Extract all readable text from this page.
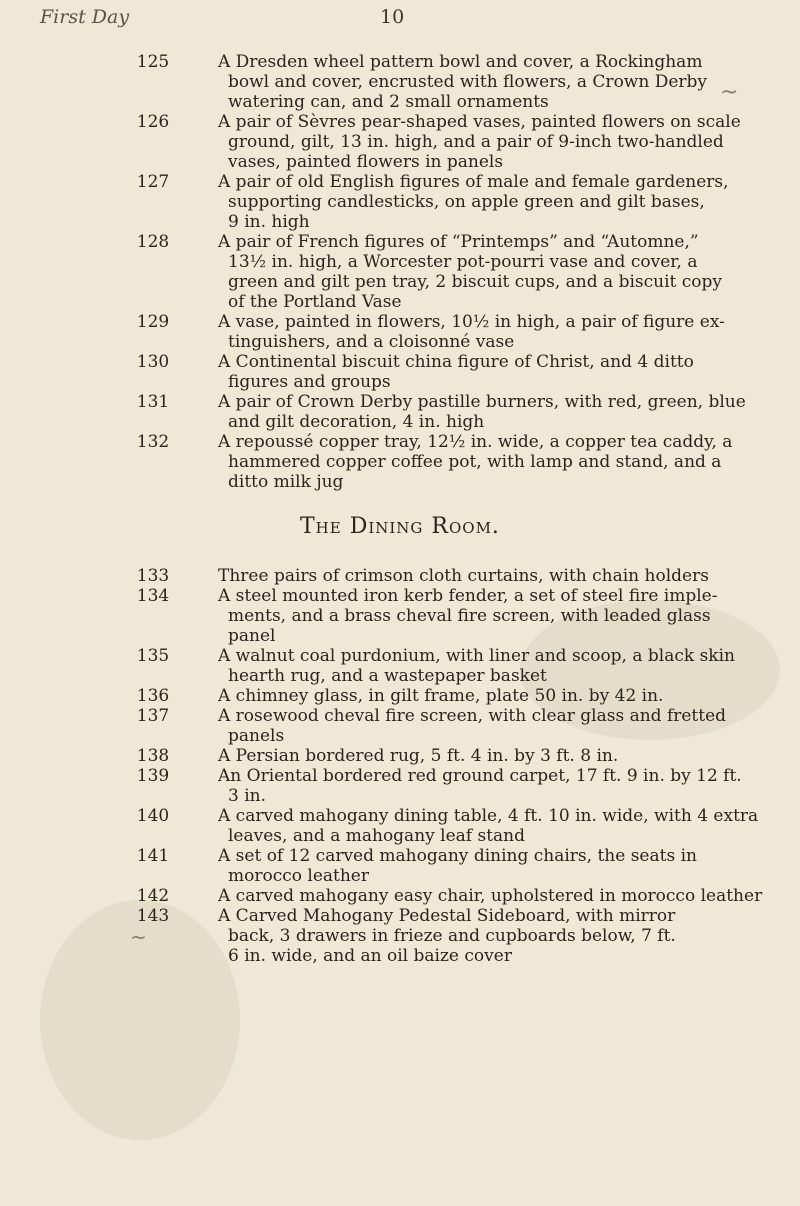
First Day	10
The Dining Room.
~
~
125	A Dresden wheel pattern bowl and cover, a Rockingham
bowl and cover, encrusted with flowers, a Crown Derby
watering can, and 2 small ornaments
126	A pair of Sèvres pear-shaped vases, painted flowers on scale
ground, gilt, 13 in. high, and a pair of 9-inch two-handled
vases, painted flowers in panels
127	A pair of old English figures of male and female gardeners,
supporting candlesticks, on apple green and gilt bases,
9 in. high
128	A pair of French figures of “Printemps” and “Automne,”
13½ in. high, a Worcester pot-pourri vase and cover, a
green and gilt pen tray, 2 biscuit cups, and a biscuit copy
of the Portland Vase
129	A vase, painted in flowers, 10½ in high, a pair of figure ex-
tinguishers, and a cloisonné vase
130	A Continental biscuit china figure of Christ, and 4 ditto
figures and groups
131	A pair of Crown Derby pastille burners, with red, green, blue
and gilt decoration, 4 in. high
132	A repoussé copper tray, 12½ in. wide, a copper tea caddy, a
hammered copper coffee pot, with lamp and stand, and a
ditto milk jug
133	Three pairs of crimson cloth curtains, with chain holders
134	A steel mounted iron kerb fender, a set of steel fire imple-
ments, and a brass cheval fire screen, with leaded glass
panel
135	A walnut coal purdonium, with liner and scoop, a black skin
hearth rug, and a wastepaper basket
136	A chimney glass, in gilt frame, plate 50 in. by 42 in.
137	A rosewood cheval fire screen, with clear glass and fretted
panels
138	A Persian bordered rug, 5 ft. 4 in. by 3 ft. 8 in.
139	An Oriental bordered red ground carpet, 17 ft. 9 in. by 12 ft.
3 in.
140	A carved mahogany dining table, 4 ft. 10 in. wide, with 4 extra
leaves, and a mahogany leaf stand
141	A set of 12 carved mahogany dining chairs, the seats in
morocco leather
142	A carved mahogany easy chair, upholstered in morocco leather
143	A Carved Mahogany Pedestal Sideboard, with mirror
back, 3 drawers in frieze and cupboards below, 7 ft.
6 in. wide, and an oil baize cover
